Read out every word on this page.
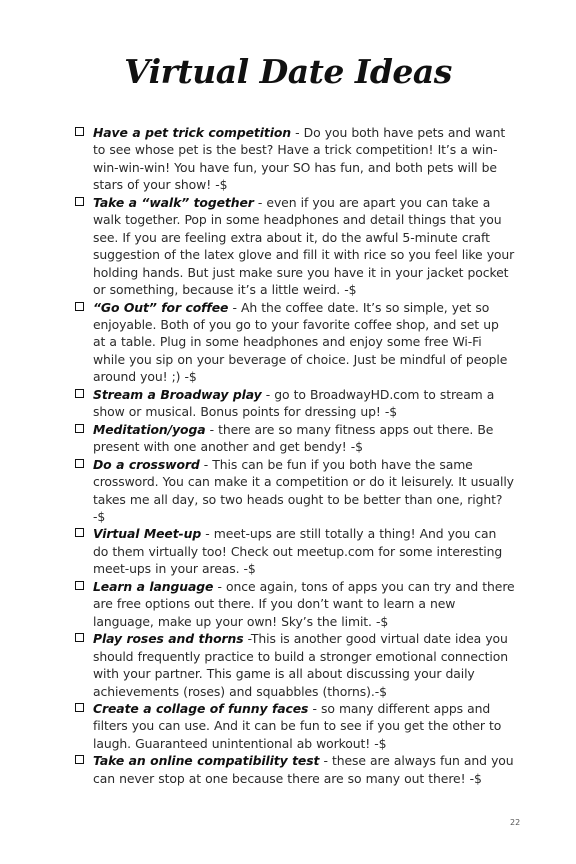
Virtual Date Ideas
Have a pet trick competition - Do you both have pets and want to see whose pet is the best? Have a trick competition! It’s a win-win-win-win! You have fun, your SO has fun, and both pets will be stars of your show! -$
Take a “walk” together - even if you are apart you can take a walk together. Pop in some headphones and detail things that you see. If you are feeling extra about it, do the awful 5-minute craft suggestion of the latex glove and fill it with rice so you feel like your holding hands. But just make sure you have it in your jacket pocket or something, because it’s a little weird. -$
“Go Out” for coffee - Ah the coffee date. It’s so simple, yet so enjoyable. Both of you go to your favorite coffee shop, and set up at a table. Plug in some headphones and enjoy some free Wi-Fi while you sip on your beverage of choice. Just be mindful of people around you! ;) -$
Stream a Broadway play - go to BroadwayHD.com to stream a show or musical. Bonus points for dressing up! -$
Meditation/yoga - there are so many fitness apps out there. Be present with one another and get bendy! -$
Do a crossword - This can be fun if you both have the same crossword. You can make it a competition or do it leisurely. It usually takes me all day, so two heads ought to be better than one, right? -$
Virtual Meet-up - meet-ups are still totally a thing! And you can do them virtually too! Check out meetup.com for some interesting meet-ups in your areas. -$
Learn a language - once again, tons of apps you can try and there are free options out there. If you don’t want to learn a new language, make up your own! Sky’s the limit. -$
Play roses and thorns -This is another good virtual date idea you should frequently practice to build a stronger emotional connection with your partner. This game is all about discussing your daily achievements (roses) and squabbles (thorns).-$
Create a collage of funny faces - so many different apps and filters you can use. And it can be fun to see if you get the other to laugh. Guaranteed unintentional ab workout! -$
Take an online compatibility test - these are always fun and you can never stop at one because there are so many out there! -$
22
